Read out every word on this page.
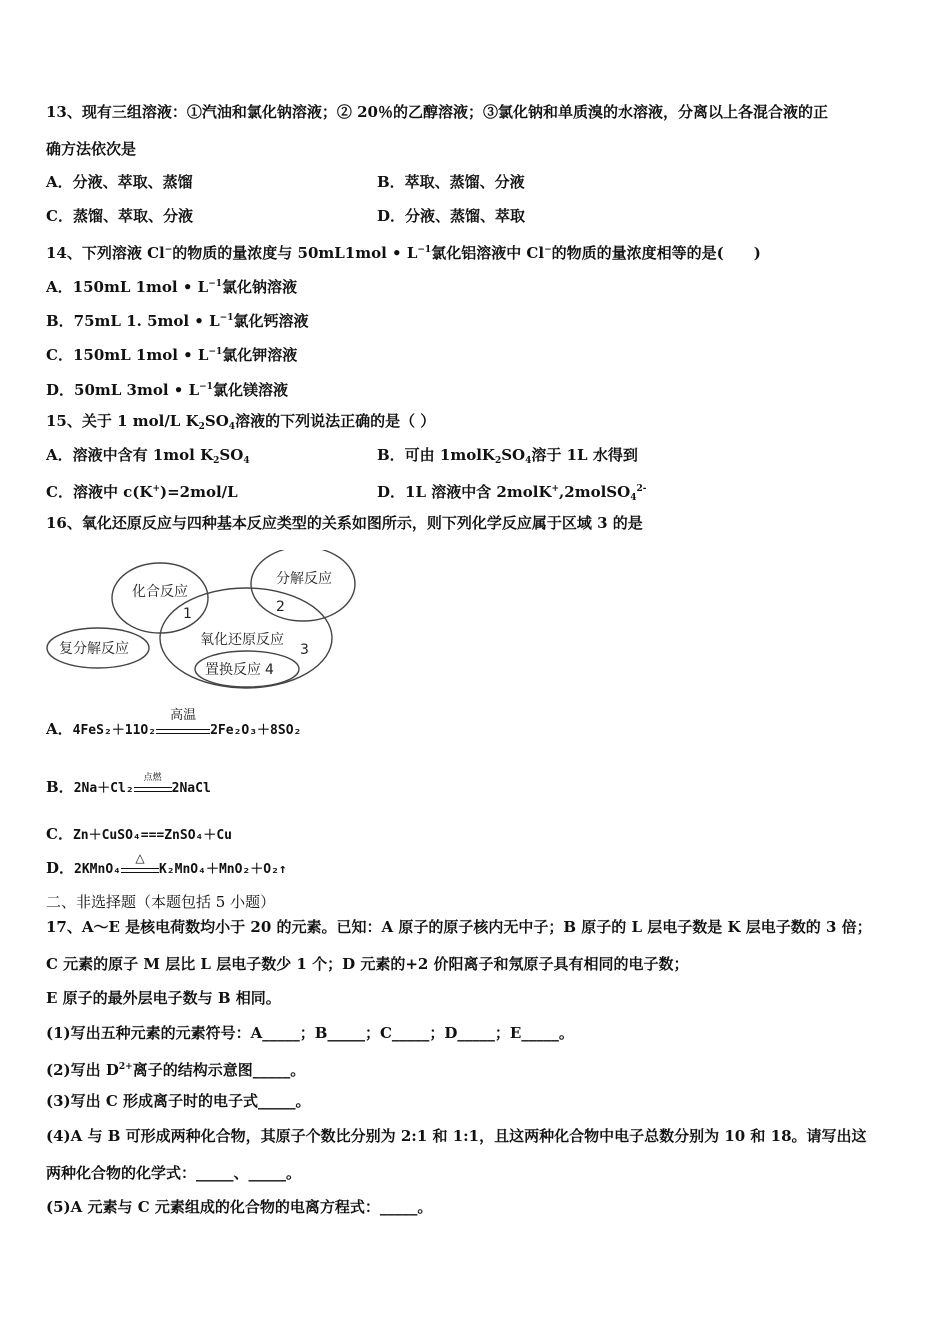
13、现有三组溶液：①汽油和氯化钠溶液；② 20％的乙醇溶液；③氯化钠和单质溴的水溶液，分离以上各混合液的正
确方法依次是
A．分液、萃取、蒸馏	B．萃取、蒸馏、分液
C．蒸馏、萃取、分液	D．分液、蒸馏、萃取
14、下列溶液 Cl−的物质的量浓度与 50mL1mol • $L^{-1}$氯化铝溶液中 Cl−的物质的量浓度相等的是(　　)
A．150mL 1mol • $L^{-1}$氯化钠溶液
B．75mL 1. 5mol • $L^{-1}$氯化钙溶液
C．150mL 1mol • $L^{-1}$氯化钾溶液
D．50mL 3mol • $L^{-1}$氯化镁溶液
15、关于 1 mol/L $K_2SO_4$溶液的下列说法正确的是（ ）
A．溶液中含有 1mol $K_2SO_4$	B．可由 $1molK_2SO_4$溶于 1L 水得到
C．溶液中 c(K+)=2mol/L	D．1L 溶液中含 2molK+,2molSO$_4^{2-}$
16、氧化还原反应与四种基本反应类型的关系如图所示，则下列化学反应属于区域 3 的是
化合反应
1
分解反应
2
复分解反应
氧化还原反应
3
置换反应 4
A．4FeS₂＋11O₂
高温
2Fe₂O₃＋8SO₂
B．2Na＋Cl₂
点燃
2NaCl
C．Zn＋CuSO₄===ZnSO₄＋Cu
D．2KMnO₄
△
K₂MnO₄＋MnO₂＋O₂↑
二、非选择题（本题包括 5 小题）
17、A～E 是核电荷数均小于 20 的元素。已知：A 原子的原子核内无中子；B 原子的 L 层电子数是 K 层电子数的 3 倍；
C 元素的原子 M 层比 L 层电子数少 1 个；D 元素的+2 价阳离子和氖原子具有相同的电子数；
E 原子的最外层电子数与 B 相同。
(1)写出五种元素的元素符号：A_____；B_____；C_____；D_____；E_____。
(2)写出 $D^{2+}$离子的结构示意图_____。
(3)写出 C 形成离子时的电子式_____。
(4)A 与 B 可形成两种化合物，其原子个数比分别为 2:1 和 1:1，且这两种化合物中电子总数分别为 10 和 18。请写出这
两种化合物的化学式：_____、_____。
(5)A 元素与 C 元素组成的化合物的电离方程式：_____。
